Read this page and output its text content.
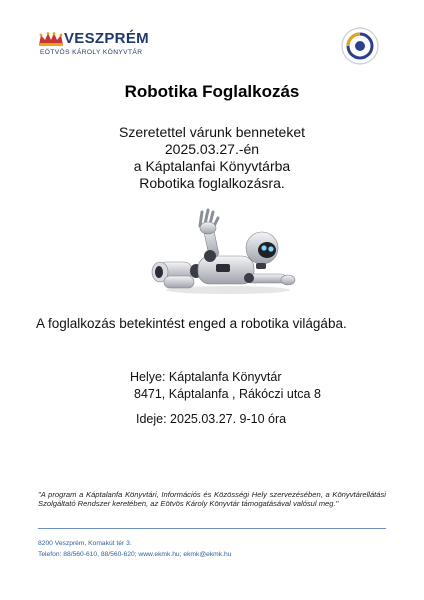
VESZPRÉM
EÖTVÖS KÁROLY KÖNYVTÁR
Robotika Foglalkozás
Szeretettel várunk benneteket
2025.03.27.-én
a Káptalanfai Könyvtárba
Robotika foglalkozásra.
A foglalkozás betekintést enged a robotika világába.
Helye: Káptalanfa Könyvtár
8471, Káptalanfa , Rákóczi utca 8
Ideje: 2025.03.27. 9-10 óra
"A program a Káptalanfa Könyvtári, Információs és Közösségi Hely szervezésében, a Könyvtárellátási Szolgáltató Rendszer keretében, az Eötvös Károly Könyvtár támogatásával valósul meg."
8200 Veszprém, Komakút tér 3.
Telefon: 88/560-610, 88/560-620; www.ekmk.hu; ekmk@ekmk.hu
